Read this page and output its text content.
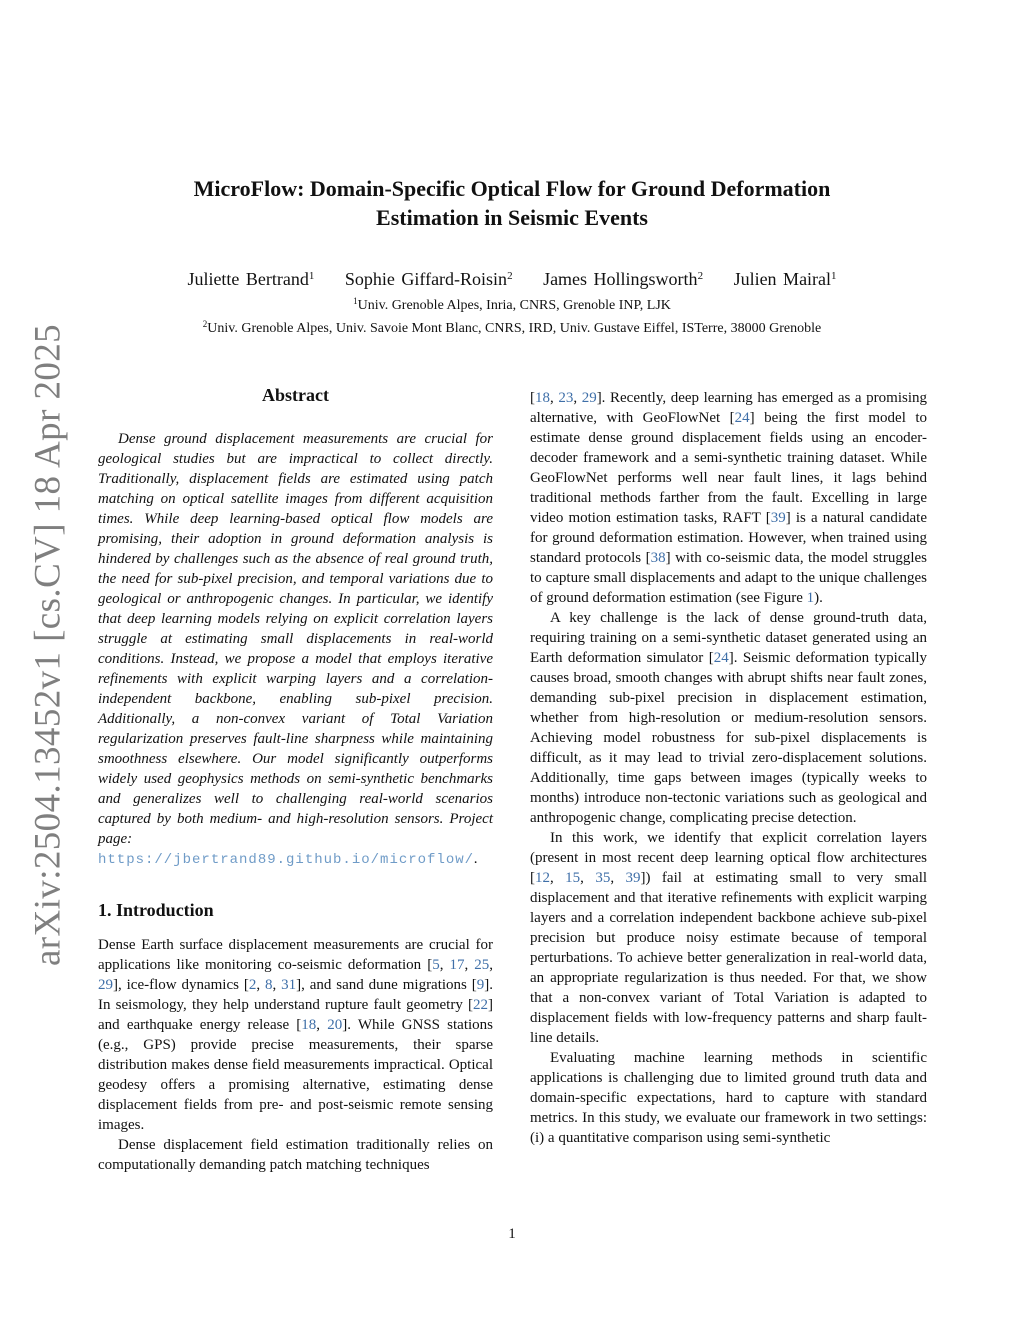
arXiv:2504.13452v1 [cs.CV] 18 Apr 2025
MicroFlow: Domain-Specific Optical Flow for Ground Deformation Estimation in Seismic Events
Juliette Bertrand$^1$ Sophie Giffard-Roisin$^2$ James Hollingsworth$^2$ Julien Mairal$^1$
$^1$Univ. Grenoble Alpes, Inria, CNRS, Grenoble INP, LJK
$^2$Univ. Grenoble Alpes, Univ. Savoie Mont Blanc, CNRS, IRD, Univ. Gustave Eiffel, ISTerre, 38000 Grenoble
Abstract

Dense ground displacement measurements are crucial for geological studies but are impractical to collect directly. Traditionally, displacement fields are estimated using patch matching on optical satellite images from different acquisition times. While deep learning-based optical flow models are promising, their adoption in ground deformation analysis is hindered by challenges such as the absence of real ground truth, the need for sub-pixel precision, and temporal variations due to geological or anthropogenic changes. In particular, we identify that deep learning models relying on explicit correlation layers struggle at estimating small displacements in real-world conditions. Instead, we propose a model that employs iterative refinements with explicit warping layers and a correlation-independent backbone, enabling sub-pixel precision. Additionally, a non-convex variant of Total Variation regularization preserves fault-line sharpness while maintaining smoothness elsewhere. Our model significantly outperforms widely used geophysics methods on semi-synthetic benchmarks and generalizes well to challenging real-world scenarios captured by both medium- and high-resolution sensors. Project page: https://jbertrand89.github.io/microflow/.

1. Introduction

Dense Earth surface displacement measurements are crucial for applications like monitoring co-seismic deformation [5, 17, 25, 29], ice-flow dynamics [2, 8, 31], and sand dune migrations [9]. In seismology, they help understand rupture fault geometry [22] and earthquake energy release [18, 20]. While GNSS stations (e.g., GPS) provide precise measurements, their sparse distribution makes dense field measurements impractical. Optical geodesy offers a promising alternative, estimating dense displacement fields from pre- and post-seismic remote sensing images.

Dense displacement field estimation traditionally relies on computationally demanding patch matching techniques

[18, 23, 29]. Recently, deep learning has emerged as a promising alternative, with GeoFlowNet [24] being the first model to estimate dense ground displacement fields using an encoder-decoder framework and a semi-synthetic training dataset. While GeoFlowNet performs well near fault lines, it lags behind traditional methods farther from the fault. Excelling in large video motion estimation tasks, RAFT [39] is a natural candidate for ground deformation estimation. However, when trained using standard protocols [38] with co-seismic data, the model struggles to capture small displacements and adapt to the unique challenges of ground deformation estimation (see Figure 1).

A key challenge is the lack of dense ground-truth data, requiring training on a semi-synthetic dataset generated using an Earth deformation simulator [24]. Seismic deformation typically causes broad, smooth changes with abrupt shifts near fault zones, demanding sub-pixel precision in displacement estimation, whether from high-resolution or medium-resolution sensors. Achieving model robustness for sub-pixel displacements is difficult, as it may lead to trivial zero-displacement solutions. Additionally, time gaps between images (typically weeks to months) introduce non-tectonic variations such as geological and anthropogenic change, complicating precise detection.

In this work, we identify that explicit correlation layers (present in most recent deep learning optical flow architectures [12, 15, 35, 39]) fail at estimating small to very small displacement and that iterative refinements with explicit warping layers and a correlation independent backbone achieve sub-pixel precision but produce noisy estimate because of temporal perturbations. To achieve better generalization in real-world data, an appropriate regularization is thus needed. For that, we show that a non-convex variant of Total Variation is adapted to displacement fields with low-frequency patterns and sharp fault-line details.

Evaluating machine learning methods in scientific applications is challenging due to limited ground truth data and domain-specific expectations, hard to capture with standard metrics. In this study, we evaluate our framework in two settings: (i) a quantitative comparison using semi-synthetic

1
